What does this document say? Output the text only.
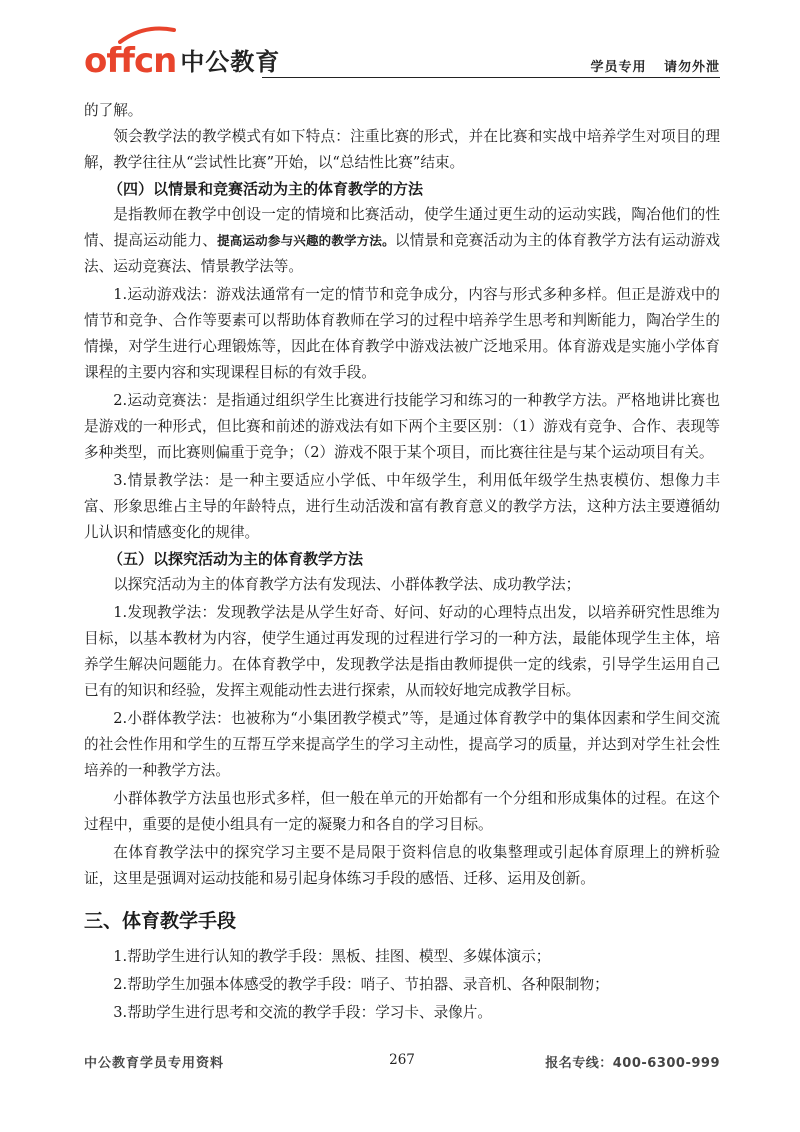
offcn 中公教育	学员专用 请勿外泄

的了解。

领会教学法的教学模式有如下特点：注重比赛的形式，并在比赛和实战中培养学生对项目的理解，教学往往从“尝试性比赛”开始，以“总结性比赛”结束。

（四）以情景和竞赛活动为主的体育教学的方法

是指教师在教学中创设一定的情境和比赛活动，使学生通过更生动的运动实践，陶冶他们的性情、提高运动能力、提高运动参与兴趣的教学方法。以情景和竞赛活动为主的体育教学方法有运动游戏法、运动竞赛法、情景教学法等。

1.运动游戏法：游戏法通常有一定的情节和竞争成分，内容与形式多种多样。但正是游戏中的情节和竞争、合作等要素可以帮助体育教师在学习的过程中培养学生思考和判断能力，陶冶学生的情操，对学生进行心理锻炼等，因此在体育教学中游戏法被广泛地采用。体育游戏是实施小学体育课程的主要内容和实现课程目标的有效手段。

2.运动竞赛法：是指通过组织学生比赛进行技能学习和练习的一种教学方法。严格地讲比赛也是游戏的一种形式，但比赛和前述的游戏法有如下两个主要区别：（1）游戏有竞争、合作、表现等多种类型，而比赛则偏重于竞争；（2）游戏不限于某个项目，而比赛往往是与某个运动项目有关。

3.情景教学法：是一种主要适应小学低、中年级学生，利用低年级学生热衷模仿、想像力丰富、形象思维占主导的年龄特点，进行生动活泼和富有教育意义的教学方法，这种方法主要遵循幼儿认识和情感变化的规律。

（五）以探究活动为主的体育教学方法

以探究活动为主的体育教学方法有发现法、小群体教学法、成功教学法；

1.发现教学法：发现教学法是从学生好奇、好问、好动的心理特点出发，以培养研究性思维为目标，以基本教材为内容，使学生通过再发现的过程进行学习的一种方法，最能体现学生主体，培养学生解决问题能力。在体育教学中，发现教学法是指由教师提供一定的线索，引导学生运用自己已有的知识和经验，发挥主观能动性去进行探索，从而较好地完成教学目标。

2.小群体教学法：也被称为“小集团教学模式”等，是通过体育教学中的集体因素和学生间交流的社会性作用和学生的互帮互学来提高学生的学习主动性，提高学习的质量，并达到对学生社会性培养的一种教学方法。

小群体教学方法虽也形式多样，但一般在单元的开始都有一个分组和形成集体的过程。在这个过程中，重要的是使小组具有一定的凝聚力和各自的学习目标。

在体育教学法中的探究学习主要不是局限于资料信息的收集整理或引起体育原理上的辨析验证，这里是强调对运动技能和易引起身体练习手段的感悟、迁移、运用及创新。

三、体育教学手段

1.帮助学生进行认知的教学手段：黑板、挂图、模型、多媒体演示；

2.帮助学生加强本体感受的教学手段：哨子、节拍器、录音机、各种限制物；

3.帮助学生进行思考和交流的教学手段：学习卡、录像片。

中公教育学员专用资料	267	报名专线：400-6300-999
